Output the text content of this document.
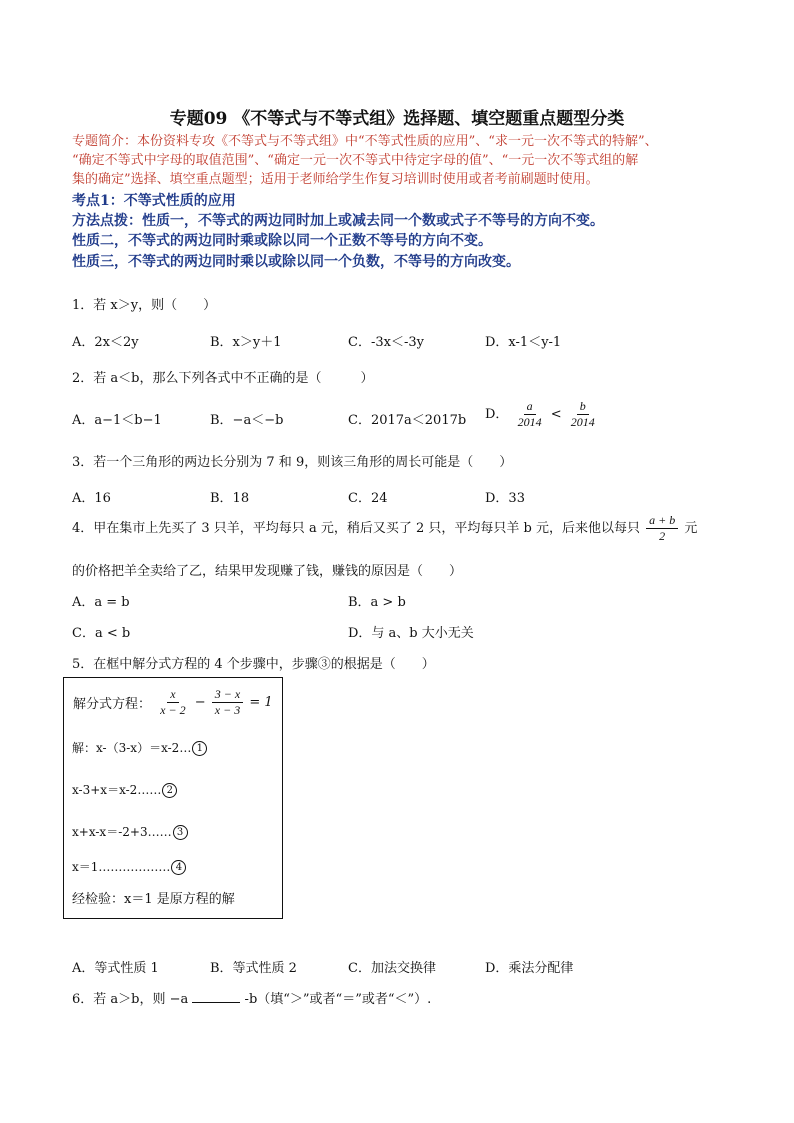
专题09 《不等式与不等式组》选择题、填空题重点题型分类
专题简介：本份资料专攻《不等式与不等式组》中“不等式性质的应用”、“求一元一次不等式的特解”、
“确定不等式中字母的取值范围”、“确定一元一次不等式中待定字母的值”、“一元一次不等式组的解
集的确定”选择、填空重点题型；适用于老师给学生作复习培训时使用或者考前刷题时使用。
考点1：不等式性质的应用
方法点拨：性质一，不等式的两边同时加上或减去同一个数或式子不等号的方向不变。
性质二，不等式的两边同时乘或除以同一个正数不等号的方向不变。
性质三，不等式的两边同时乘以或除以同一个负数，不等号的方向改变。
1．若 x＞y，则（　　）
A．2x＜2y	B．x＞y＋1	C．-3x＜-3y	D．x-1＜y-1
2．若 a＜b，那么下列各式中不正确的是（　　　）
A．a−1＜b−1	B．−a＜−b	C．2017a＜2017b D． $\frac{a}{2014} < \frac{b}{2014}$
3．若一个三角形的两边长分别为 7 和 9，则该三角形的周长可能是（　　）
A．16	B．18	C．24	D．33
4．甲在集市上先买了 3 只羊，平均每只 a 元，稍后又买了 2 只，平均每只羊 b 元，后来他以每只 $\frac{a + b}{2}$ 元
的价格把羊全卖给了乙，结果甲发现赚了钱，赚钱的原因是（　　）
A．a = b	B．a > b
C．a < b	D．与 a、b 大小无关
5．在框中解分式方程的 4 个步骤中，步骤③的根据是（　　）
解分式方程： $\frac{x}{x - 2} - \frac{3 - x}{x - 3} = 1$
解：x-（3-x）＝x-2… 1
x-3+x＝x-2…… 2
x+x-x＝-2+3…… 3
x＝1……………… 4
经检验：x＝1 是原方程的解
A．等式性质 1	B．等式性质 2	C．加法交换律	D．乘法分配律
6．若 a＞b，则 −a	-b（填“＞”或者“＝”或者“＜”）.
